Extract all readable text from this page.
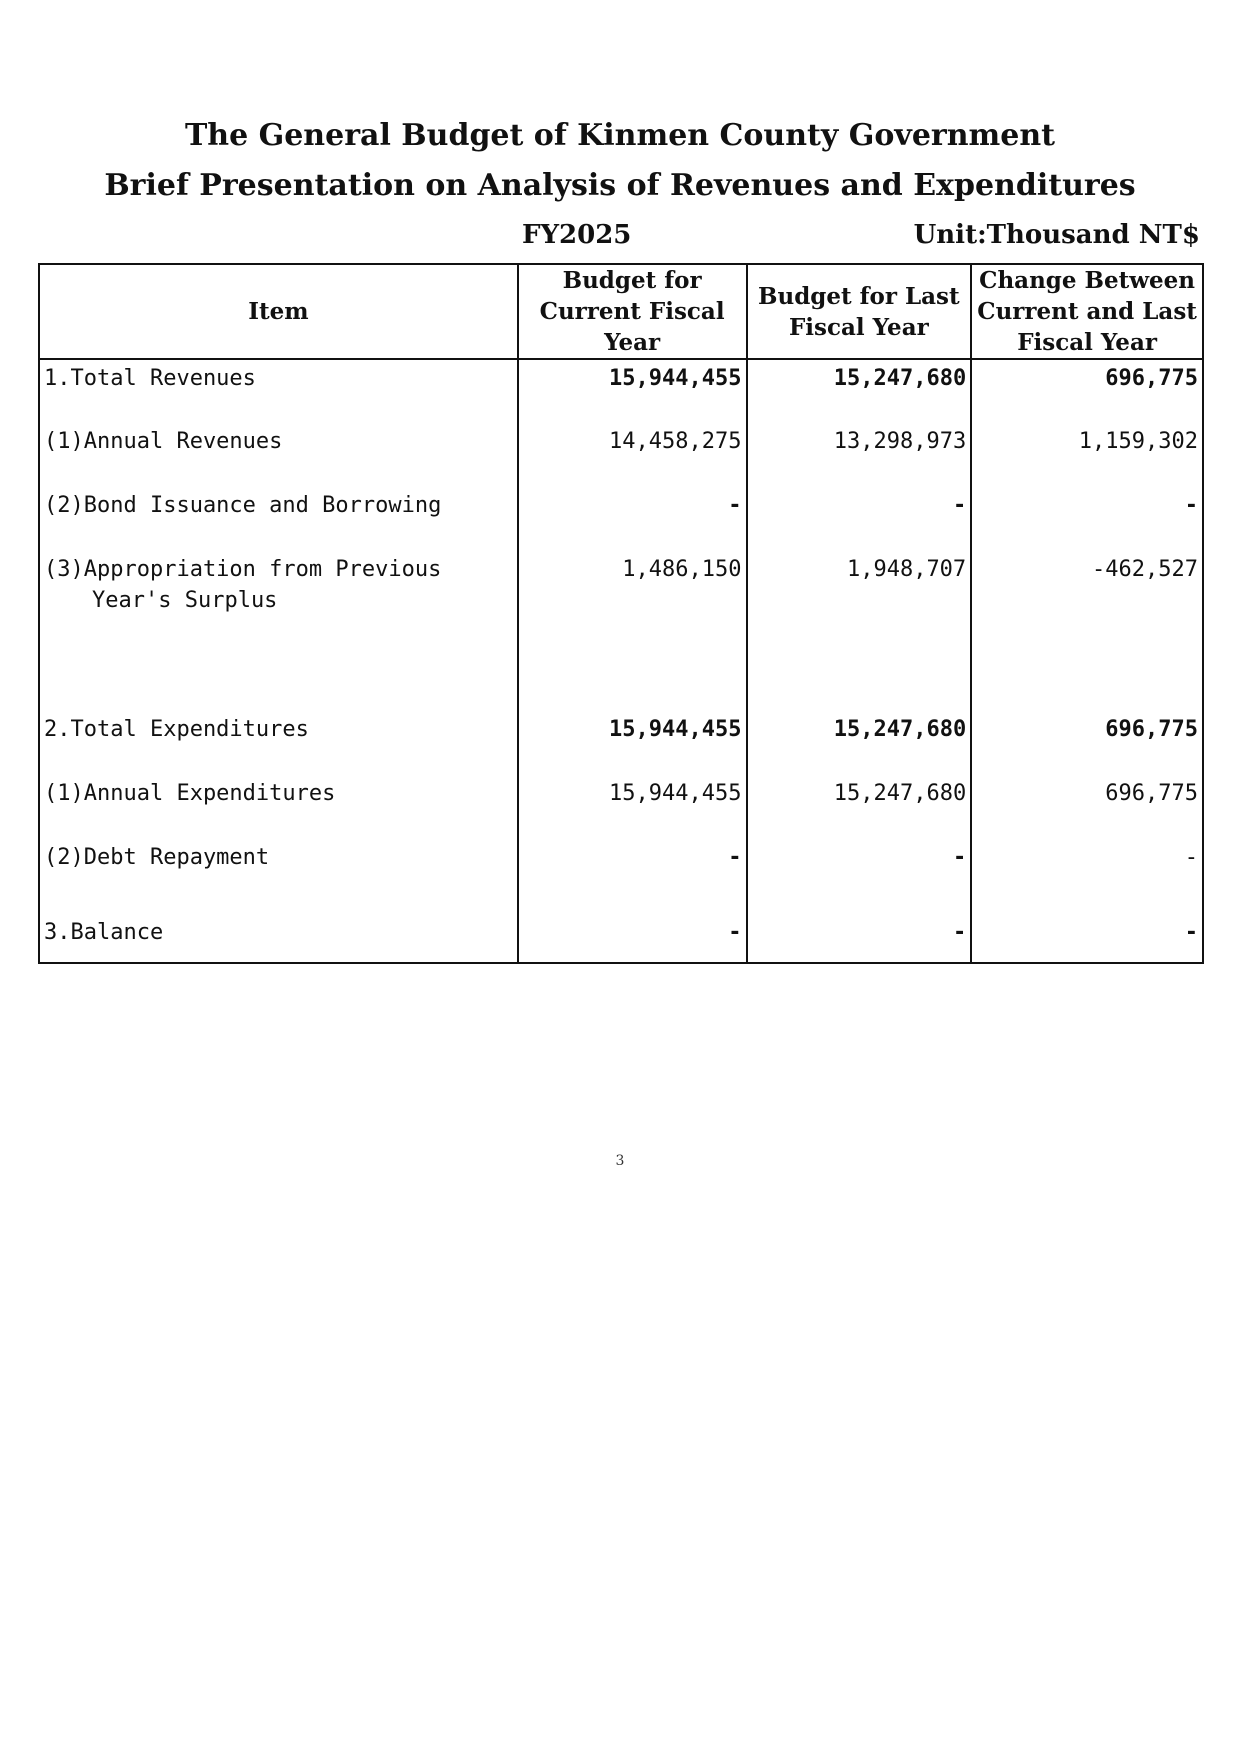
The General Budget of Kinmen County Government
Brief Presentation on Analysis of Revenues and Expenditures
FY2025	Unit:Thousand NT$
Item	Budget for Current Fiscal Year	Budget for Last Fiscal Year	Change Between Current and Last Fiscal Year
1.Total Revenues	15,944,455	15,247,680	696,775
(1)Annual Revenues	14,458,275	13,298,973	1,159,302
(2)Bond Issuance and Borrowing	-	-	-
(3)Appropriation from Previous
Year's Surplus	1,486,150	1,948,707	-462,527
2.Total Expenditures	15,944,455	15,247,680	696,775
(1)Annual Expenditures	15,944,455	15,247,680	696,775
(2)Debt Repayment	-	-	-
3.Balance	-	-	-
3
